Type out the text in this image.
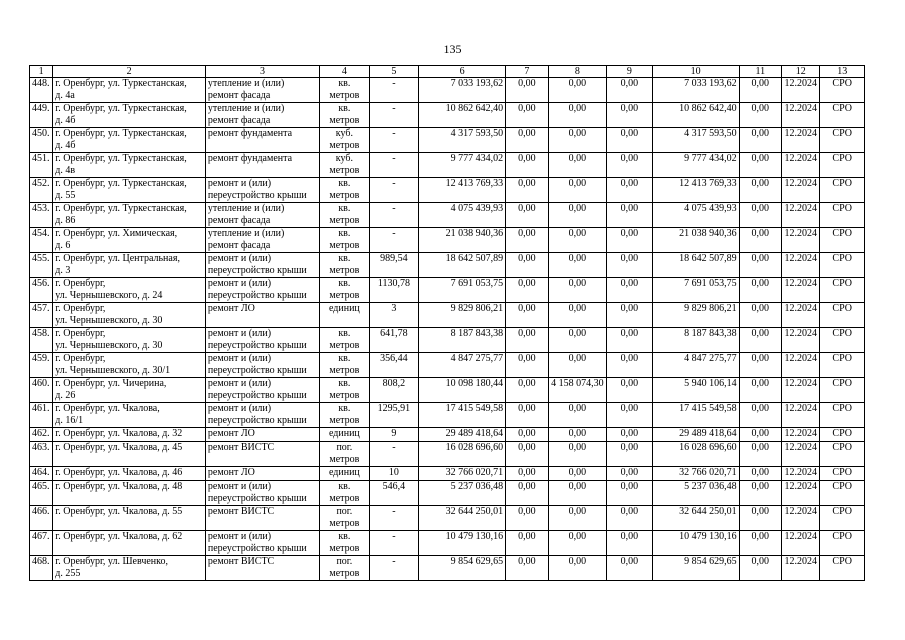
135
1	2	3	4	5	6	7	8	9	10	11	12	13
448.	г. Оренбург, ул. Туркестанская,
д. 4а	утепление и (или)
ремонт фасада	кв.
метров	-	7 033 193,62	0,00	0,00	0,00	7 033 193,62	0,00	12.2024	СРО
449.	г. Оренбург, ул. Туркестанская,
д. 4б	утепление и (или)
ремонт фасада	кв.
метров	-	10 862 642,40	0,00	0,00	0,00	10 862 642,40	0,00	12.2024	СРО
450.	г. Оренбург, ул. Туркестанская,
д. 4б	ремонт фундамента	куб.
метров	-	4 317 593,50	0,00	0,00	0,00	4 317 593,50	0,00	12.2024	СРО
451.	г. Оренбург, ул. Туркестанская,
д. 4в	ремонт фундамента	куб.
метров	-	9 777 434,02	0,00	0,00	0,00	9 777 434,02	0,00	12.2024	СРО
452.	г. Оренбург, ул. Туркестанская,
д. 55	ремонт и (или)
переустройство крыши	кв.
метров	-	12 413 769,33	0,00	0,00	0,00	12 413 769,33	0,00	12.2024	СРО
453.	г. Оренбург, ул. Туркестанская,
д. 86	утепление и (или)
ремонт фасада	кв.
метров	-	4 075 439,93	0,00	0,00	0,00	4 075 439,93	0,00	12.2024	СРО
454.	г. Оренбург, ул. Химическая,
д. 6	утепление и (или)
ремонт фасада	кв.
метров	-	21 038 940,36	0,00	0,00	0,00	21 038 940,36	0,00	12.2024	СРО
455.	г. Оренбург, ул. Центральная,
д. 3	ремонт и (или)
переустройство крыши	кв.
метров	989,54	18 642 507,89	0,00	0,00	0,00	18 642 507,89	0,00	12.2024	СРО
456.	г. Оренбург,
ул. Чернышевского, д. 24	ремонт и (или)
переустройство крыши	кв.
метров	1130,78	7 691 053,75	0,00	0,00	0,00	7 691 053,75	0,00	12.2024	СРО
457.	г. Оренбург,
ул. Чернышевского, д. 30	ремонт ЛО	единиц	3	9 829 806,21	0,00	0,00	0,00	9 829 806,21	0,00	12.2024	СРО
458.	г. Оренбург,
ул. Чернышевского, д. 30	ремонт и (или)
переустройство крыши	кв.
метров	641,78	8 187 843,38	0,00	0,00	0,00	8 187 843,38	0,00	12.2024	СРО
459.	г. Оренбург,
ул. Чернышевского, д. 30/1	ремонт и (или)
переустройство крыши	кв.
метров	356,44	4 847 275,77	0,00	0,00	0,00	4 847 275,77	0,00	12.2024	СРО
460.	г. Оренбург, ул. Чичерина,
д. 26	ремонт и (или)
переустройство крыши	кв.
метров	808,2	10 098 180,44	0,00	4 158 074,30	0,00	5 940 106,14	0,00	12.2024	СРО
461.	г. Оренбург, ул. Чкалова,
д. 16/1	ремонт и (или)
переустройство крыши	кв.
метров	1295,91	17 415 549,58	0,00	0,00	0,00	17 415 549,58	0,00	12.2024	СРО
462.	г. Оренбург, ул. Чкалова, д. 32	ремонт ЛО	единиц	9	29 489 418,64	0,00	0,00	0,00	29 489 418,64	0,00	12.2024	СРО
463.	г. Оренбург, ул. Чкалова, д. 45	ремонт ВИСТС	пог.
метров	-	16 028 696,60	0,00	0,00	0,00	16 028 696,60	0,00	12.2024	СРО
464.	г. Оренбург, ул. Чкалова, д. 46	ремонт ЛО	единиц	10	32 766 020,71	0,00	0,00	0,00	32 766 020,71	0,00	12.2024	СРО
465.	г. Оренбург, ул. Чкалова, д. 48	ремонт и (или)
переустройство крыши	кв.
метров	546,4	5 237 036,48	0,00	0,00	0,00	5 237 036,48	0,00	12.2024	СРО
466.	г. Оренбург, ул. Чкалова, д. 55	ремонт ВИСТС	пог.
метров	-	32 644 250,01	0,00	0,00	0,00	32 644 250,01	0,00	12.2024	СРО
467.	г. Оренбург, ул. Чкалова, д. 62	ремонт и (или)
переустройство крыши	кв.
метров	-	10 479 130,16	0,00	0,00	0,00	10 479 130,16	0,00	12.2024	СРО
468.	г. Оренбург, ул. Шевченко,
д. 255	ремонт ВИСТС	пог.
метров	-	9 854 629,65	0,00	0,00	0,00	9 854 629,65	0,00	12.2024	СРО
